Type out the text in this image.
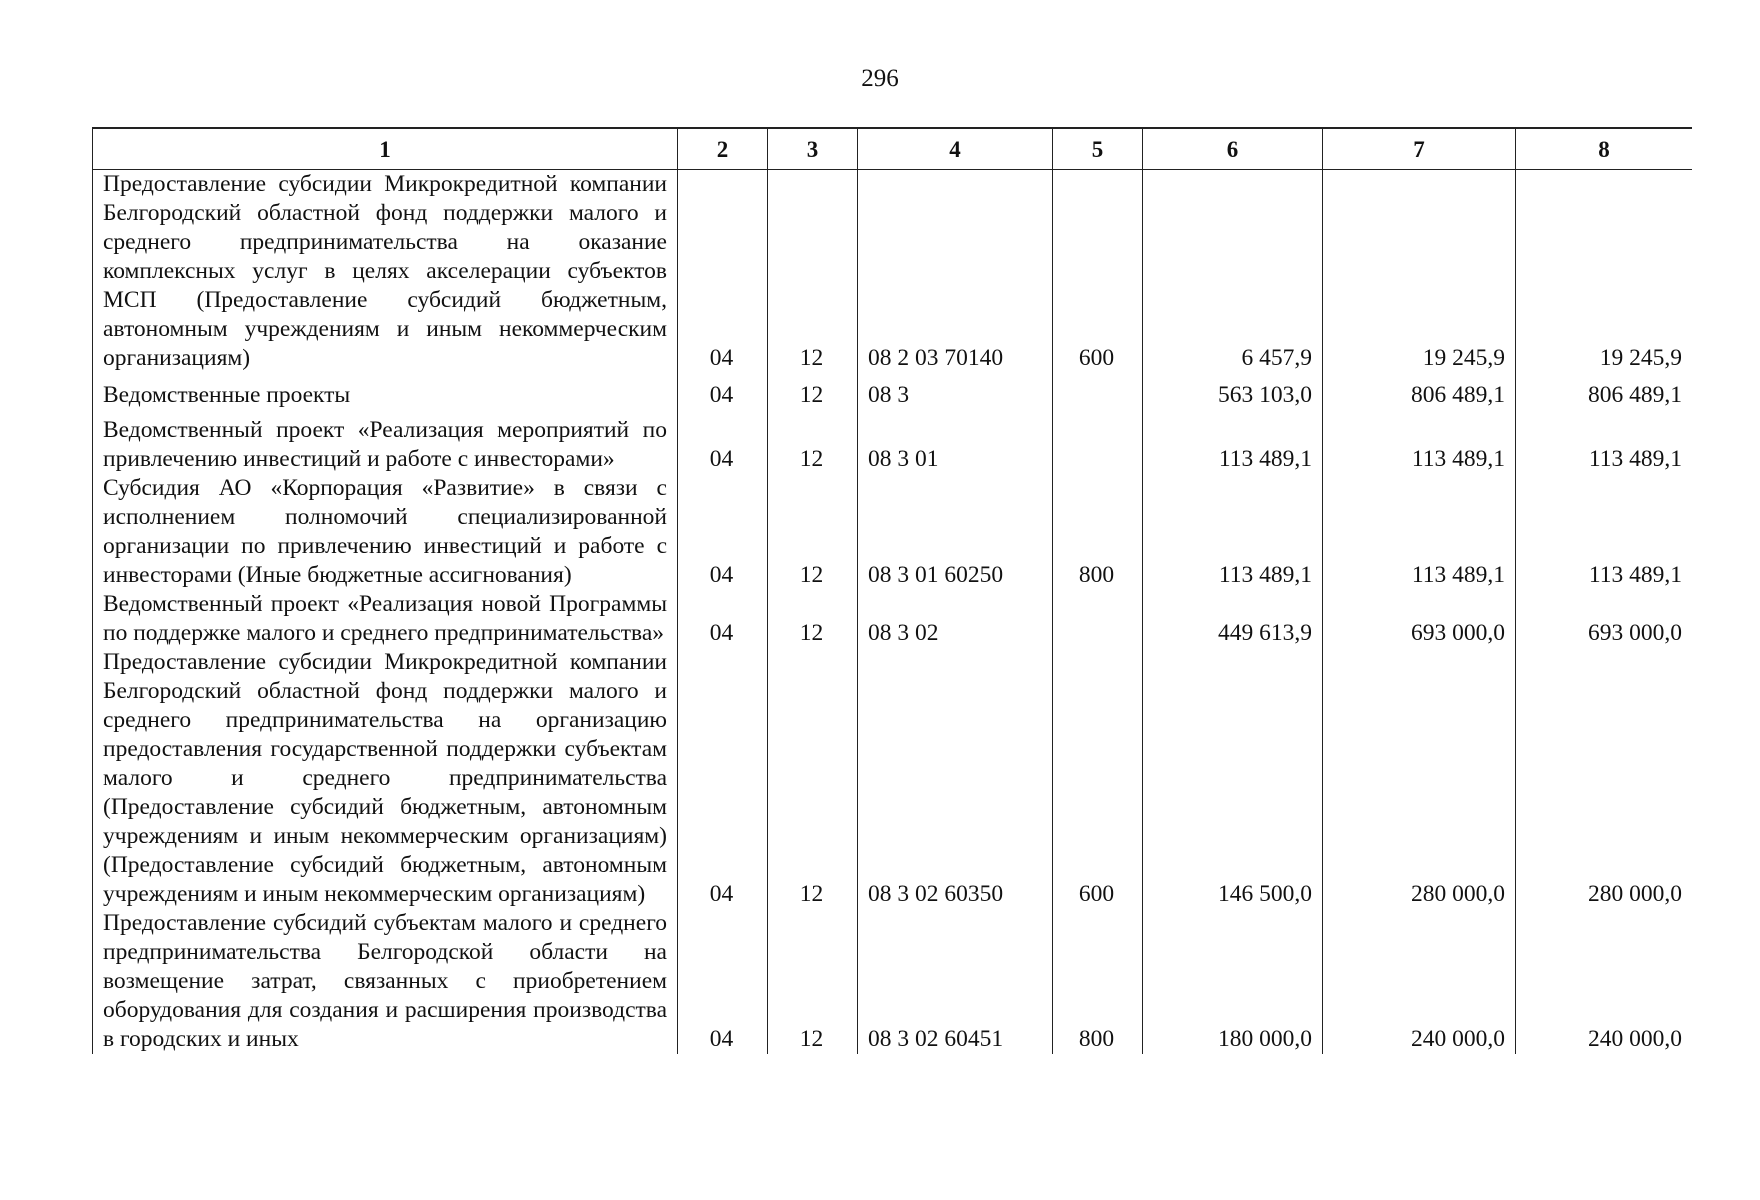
296
1	2	3	4	5	6	7	8
Предоставление субсидии Микрокредитной компании Белгородский областной фонд поддержки малого и среднего предпринимательства на оказание комплексных услуг в целях акселерации субъектов МСП (Предоставление субсидий бюджетным, автономным учреждениям и иным некоммерческим организациям)	04	12	08 2 03 70140	600	6 457,9	19 245,9	19 245,9
Ведомственные проекты	04	12	08 3		563 103,0	806 489,1	806 489,1
Ведомственный проект «Реализация мероприятий по привлечению инвестиций и работе с инвесторами»	04	12	08 3 01		113 489,1	113 489,1	113 489,1
Субсидия АО «Корпорация «Развитие» в связи с исполнением полномочий специализированной организации по привлечению инвестиций и работе с инвесторами (Иные бюджетные ассигнования)	04	12	08 3 01 60250	800	113 489,1	113 489,1	113 489,1
Ведомственный проект «Реализация новой Программы по поддержке малого и среднего предпринимательства»	04	12	08 3 02		449 613,9	693 000,0	693 000,0
Предоставление субсидии Микрокредитной компании Белгородский областной фонд поддержки малого и среднего предпринимательства на организацию предоставления государственной поддержки субъектам малого и среднего предпринимательства (Предоставление субсидий бюджетным, автономным учреждениям и иным некоммерческим организациям) (Предоставление субсидий бюджетным, автономным учреждениям и иным некоммерческим организациям)	04	12	08 3 02 60350	600	146 500,0	280 000,0	280 000,0
Предоставление субсидий субъектам малого и среднего предпринимательства Белгородской области на возмещение затрат, связанных с приобретением оборудования для создания и расширения производства в городских и иных	04	12	08 3 02 60451	800	180 000,0	240 000,0	240 000,0
